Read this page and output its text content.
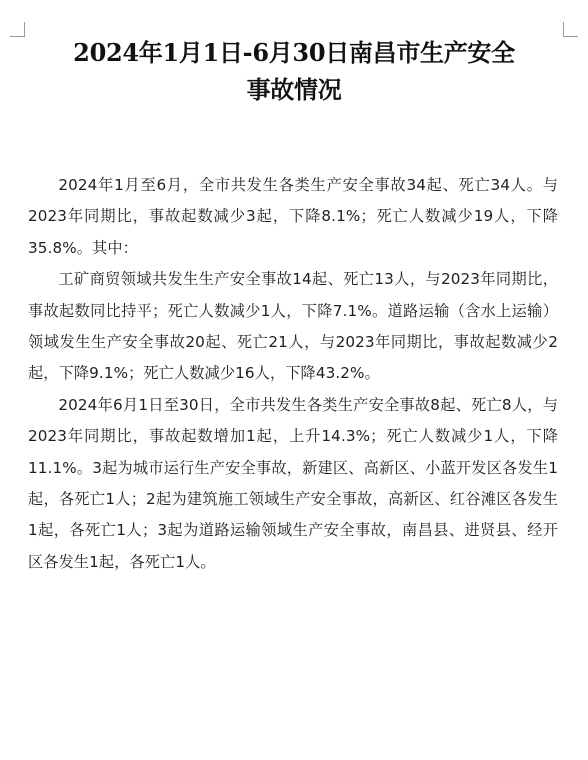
2024年1月1日-6月30日南昌市生产安全
事故情况

2024年1月至6月，全市共发生各类生产安全事故34起、死亡34人。与2023年同期比，事故起数减少3起，下降8.1%；死亡人数减少19人，下降35.8%。其中：

工矿商贸领域共发生生产安全事故14起、死亡13人，与2023年同期比，事故起数同比持平；死亡人数减少1人，下降7.1%。道路运输（含水上运输）领域发生生产安全事故20起、死亡21人，与2023年同期比，事故起数减少2起，下降9.1%；死亡人数减少16人，下降43.2%。

2024年6月1日至30日，全市共发生各类生产安全事故8起、死亡8人，与2023年同期比，事故起数增加1起，上升14.3%；死亡人数减少1人，下降11.1%。3起为城市运行生产安全事故，新建区、高新区、小蓝开发区各发生1起，各死亡1人；2起为建筑施工领域生产安全事故，高新区、红谷滩区各发生1起，各死亡1人；3起为道路运输领域生产安全事故，南昌县、进贤县、经开区各发生1起，各死亡1人。
